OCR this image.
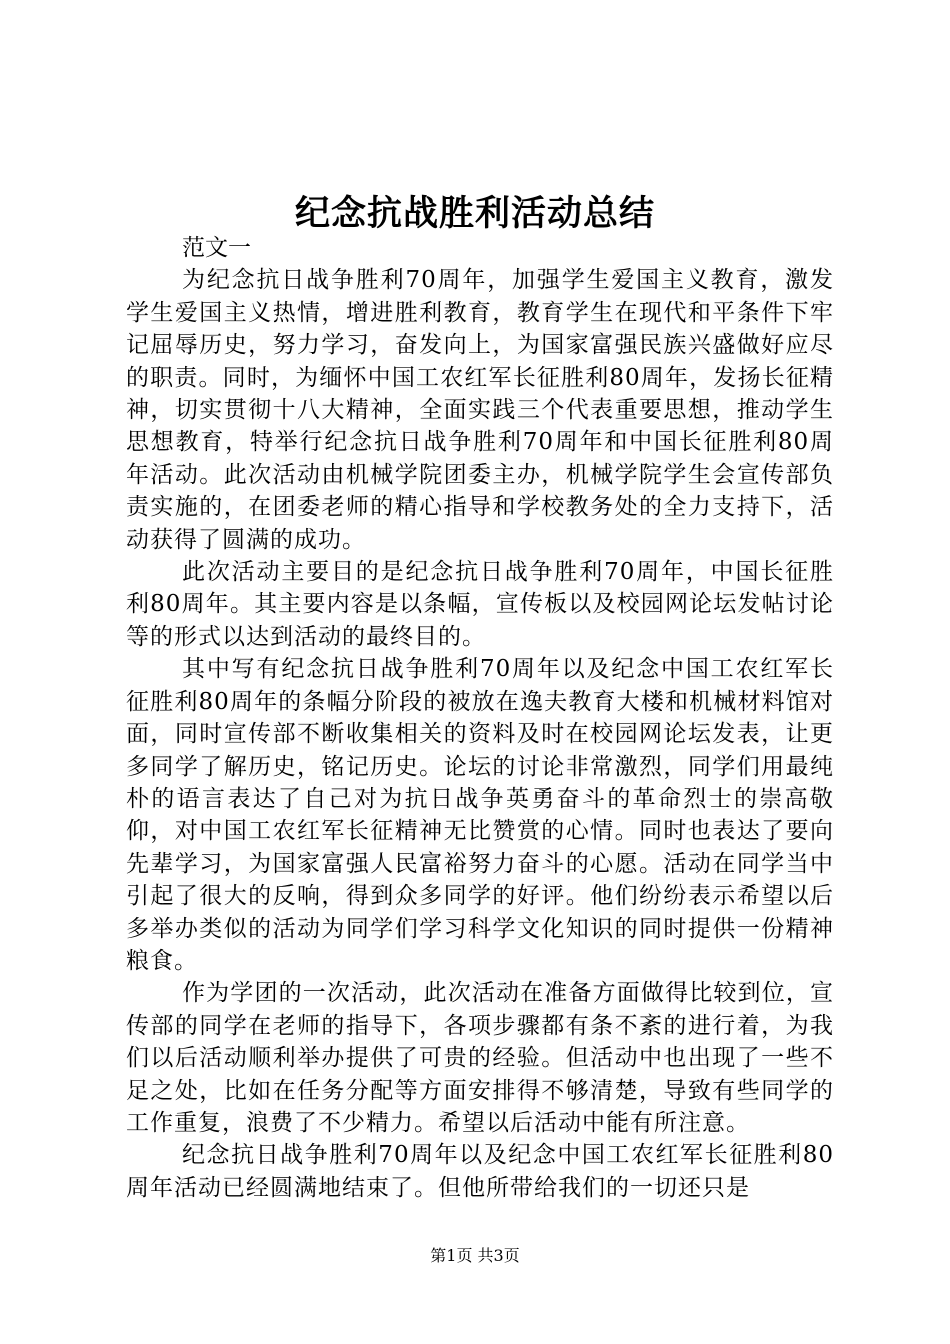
纪念抗战胜利活动总结

范文一

为纪念抗日战争胜利70周年，加强学生爱国主义教育，激发学生爱国主义热情，增进胜利教育，教育学生在现代和平条件下牢记屈辱历史，努力学习，奋发向上，为国家富强民族兴盛做好应尽的职责。同时，为缅怀中国工农红军长征胜利80周年，发扬长征精神，切实贯彻十八大精神，全面实践三个代表重要思想，推动学生思想教育，特举行纪念抗日战争胜利70周年和中国长征胜利80周年活动。此次活动由机械学院团委主办，机械学院学生会宣传部负责实施的，在团委老师的精心指导和学校教务处的全力支持下，活动获得了圆满的成功。

此次活动主要目的是纪念抗日战争胜利70周年，中国长征胜利80周年。其主要内容是以条幅，宣传板以及校园网论坛发帖讨论等的形式以达到活动的最终目的。

其中写有纪念抗日战争胜利70周年以及纪念中国工农红军长征胜利80周年的条幅分阶段的被放在逸夫教育大楼和机械材料馆对面，同时宣传部不断收集相关的资料及时在校园网论坛发表，让更多同学了解历史，铭记历史。论坛的讨论非常激烈，同学们用最纯朴的语言表达了自己对为抗日战争英勇奋斗的革命烈士的崇高敬仰，对中国工农红军长征精神无比赞赏的心情。同时也表达了要向先辈学习，为国家富强人民富裕努力奋斗的心愿。活动在同学当中引起了很大的反响，得到众多同学的好评。他们纷纷表示希望以后多举办类似的活动为同学们学习科学文化知识的同时提供一份精神粮食。

作为学团的一次活动，此次活动在准备方面做得比较到位，宣传部的同学在老师的指导下，各项步骤都有条不紊的进行着，为我们以后活动顺利举办提供了可贵的经验。但活动中也出现了一些不足之处，比如在任务分配等方面安排得不够清楚，导致有些同学的工作重复，浪费了不少精力。希望以后活动中能有所注意。

纪念抗日战争胜利70周年以及纪念中国工农红军长征胜利80周年活动已经圆满地结束了。但他所带给我们的一切还只是

第1页 共3页
